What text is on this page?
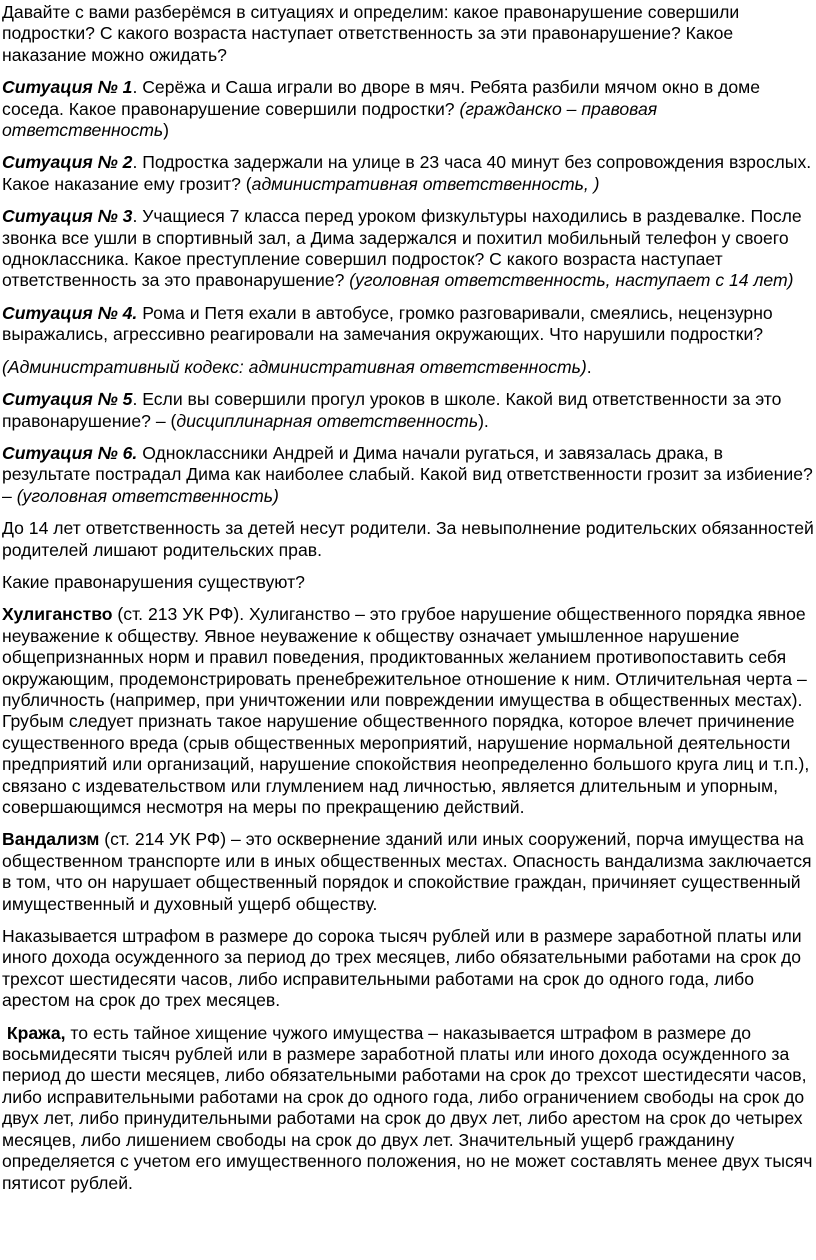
Давайте с вами разберёмся в ситуациях и определим: какое правонарушение совершили подростки? С какого возраста наступает ответственность за эти правонарушение? Какое наказание можно ожидать?

Ситуация № 1. Серёжа и Саша играли во дворе в мяч. Ребята разбили мячом окно в доме соседа. Какое правонарушение совершили подростки? (гражданско – правовая ответственность)

Ситуация № 2. Подростка задержали на улице в 23 часа 40 минут без сопровождения взрослых. Какое наказание ему грозит? (административная ответственность, )

Ситуация № 3. Учащиеся 7 класса перед уроком физкультуры находились в раздевалке. После звонка все ушли в спортивный зал, а Дима задержался и похитил мобильный телефон у своего одноклассника. Какое преступление совершил подросток? С какого возраста наступает ответственность за это правонарушение? (уголовная ответственность, наступает с 14 лет)

Ситуация № 4. Рома и Петя ехали в автобусе, громко разговаривали, смеялись, нецензурно выражались, агрессивно реагировали на замечания окружающих. Что нарушили подростки?

(Административный кодекс: административная ответственность).

Ситуация № 5. Если вы совершили прогул уроков в школе. Какой вид ответственности за это правонарушение? – (дисциплинарная ответственность).

Ситуация № 6. Одноклассники Андрей и Дима начали ругаться, и завязалась драка, в результате пострадал Дима как наиболее слабый. Какой вид ответственности грозит за избиение? – (уголовная ответственность)

До 14 лет ответственность за детей несут родители. За невыполнение родительских обязанностей родителей лишают родительских прав.

Какие правонарушения существуют?

Хулиганство (ст. 213 УК РФ). Хулиганство – это грубое нарушение общественного порядка явное неуважение к обществу. Явное неуважение к обществу означает умышленное нарушение общепризнанных норм и правил поведения, продиктованных желанием противопоставить себя окружающим, продемонстрировать пренебрежительное отношение к ним. Отличительная черта – публичность (например, при уничтожении или повреждении имущества в общественных местах). Грубым следует признать такое нарушение общественного порядка, которое влечет причинение существенного вреда (срыв общественных мероприятий, нарушение нормальной деятельности предприятий или организаций, нарушение спокойствия неопределенно большого круга лиц и т.п.), связано с издевательством или глумлением над личностью, является длительным и упорным, совершающимся несмотря на меры по прекращению действий.

Вандализм (ст. 214 УК РФ) – это осквернение зданий или иных сооружений, порча имущества на общественном транспорте или в иных общественных местах. Опасность вандализма заключается в том, что он нарушает общественный порядок и спокойствие граждан, причиняет существенный имущественный и духовный ущерб обществу.

Наказывается штрафом в размере до сорока тысяч рублей или в размере заработной платы или иного дохода осужденного за период до трех месяцев, либо обязательными работами на срок до трехсот шестидесяти часов, либо исправительными работами на срок до одного года, либо арестом на срок до трех месяцев.

Кража, то есть тайное хищение чужого имущества – наказывается штрафом в размере до восьмидесяти тысяч рублей или в размере заработной платы или иного дохода осужденного за период до шести месяцев, либо обязательными работами на срок до трехсот шестидесяти часов, либо исправительными работами на срок до одного года, либо ограничением свободы на срок до двух лет, либо принудительными работами на срок до двух лет, либо арестом на срок до четырех месяцев, либо лишением свободы на срок до двух лет. Значительный ущерб гражданину определяется с учетом его имущественного положения, но не может составлять менее двух тысяч пятисот рублей.
